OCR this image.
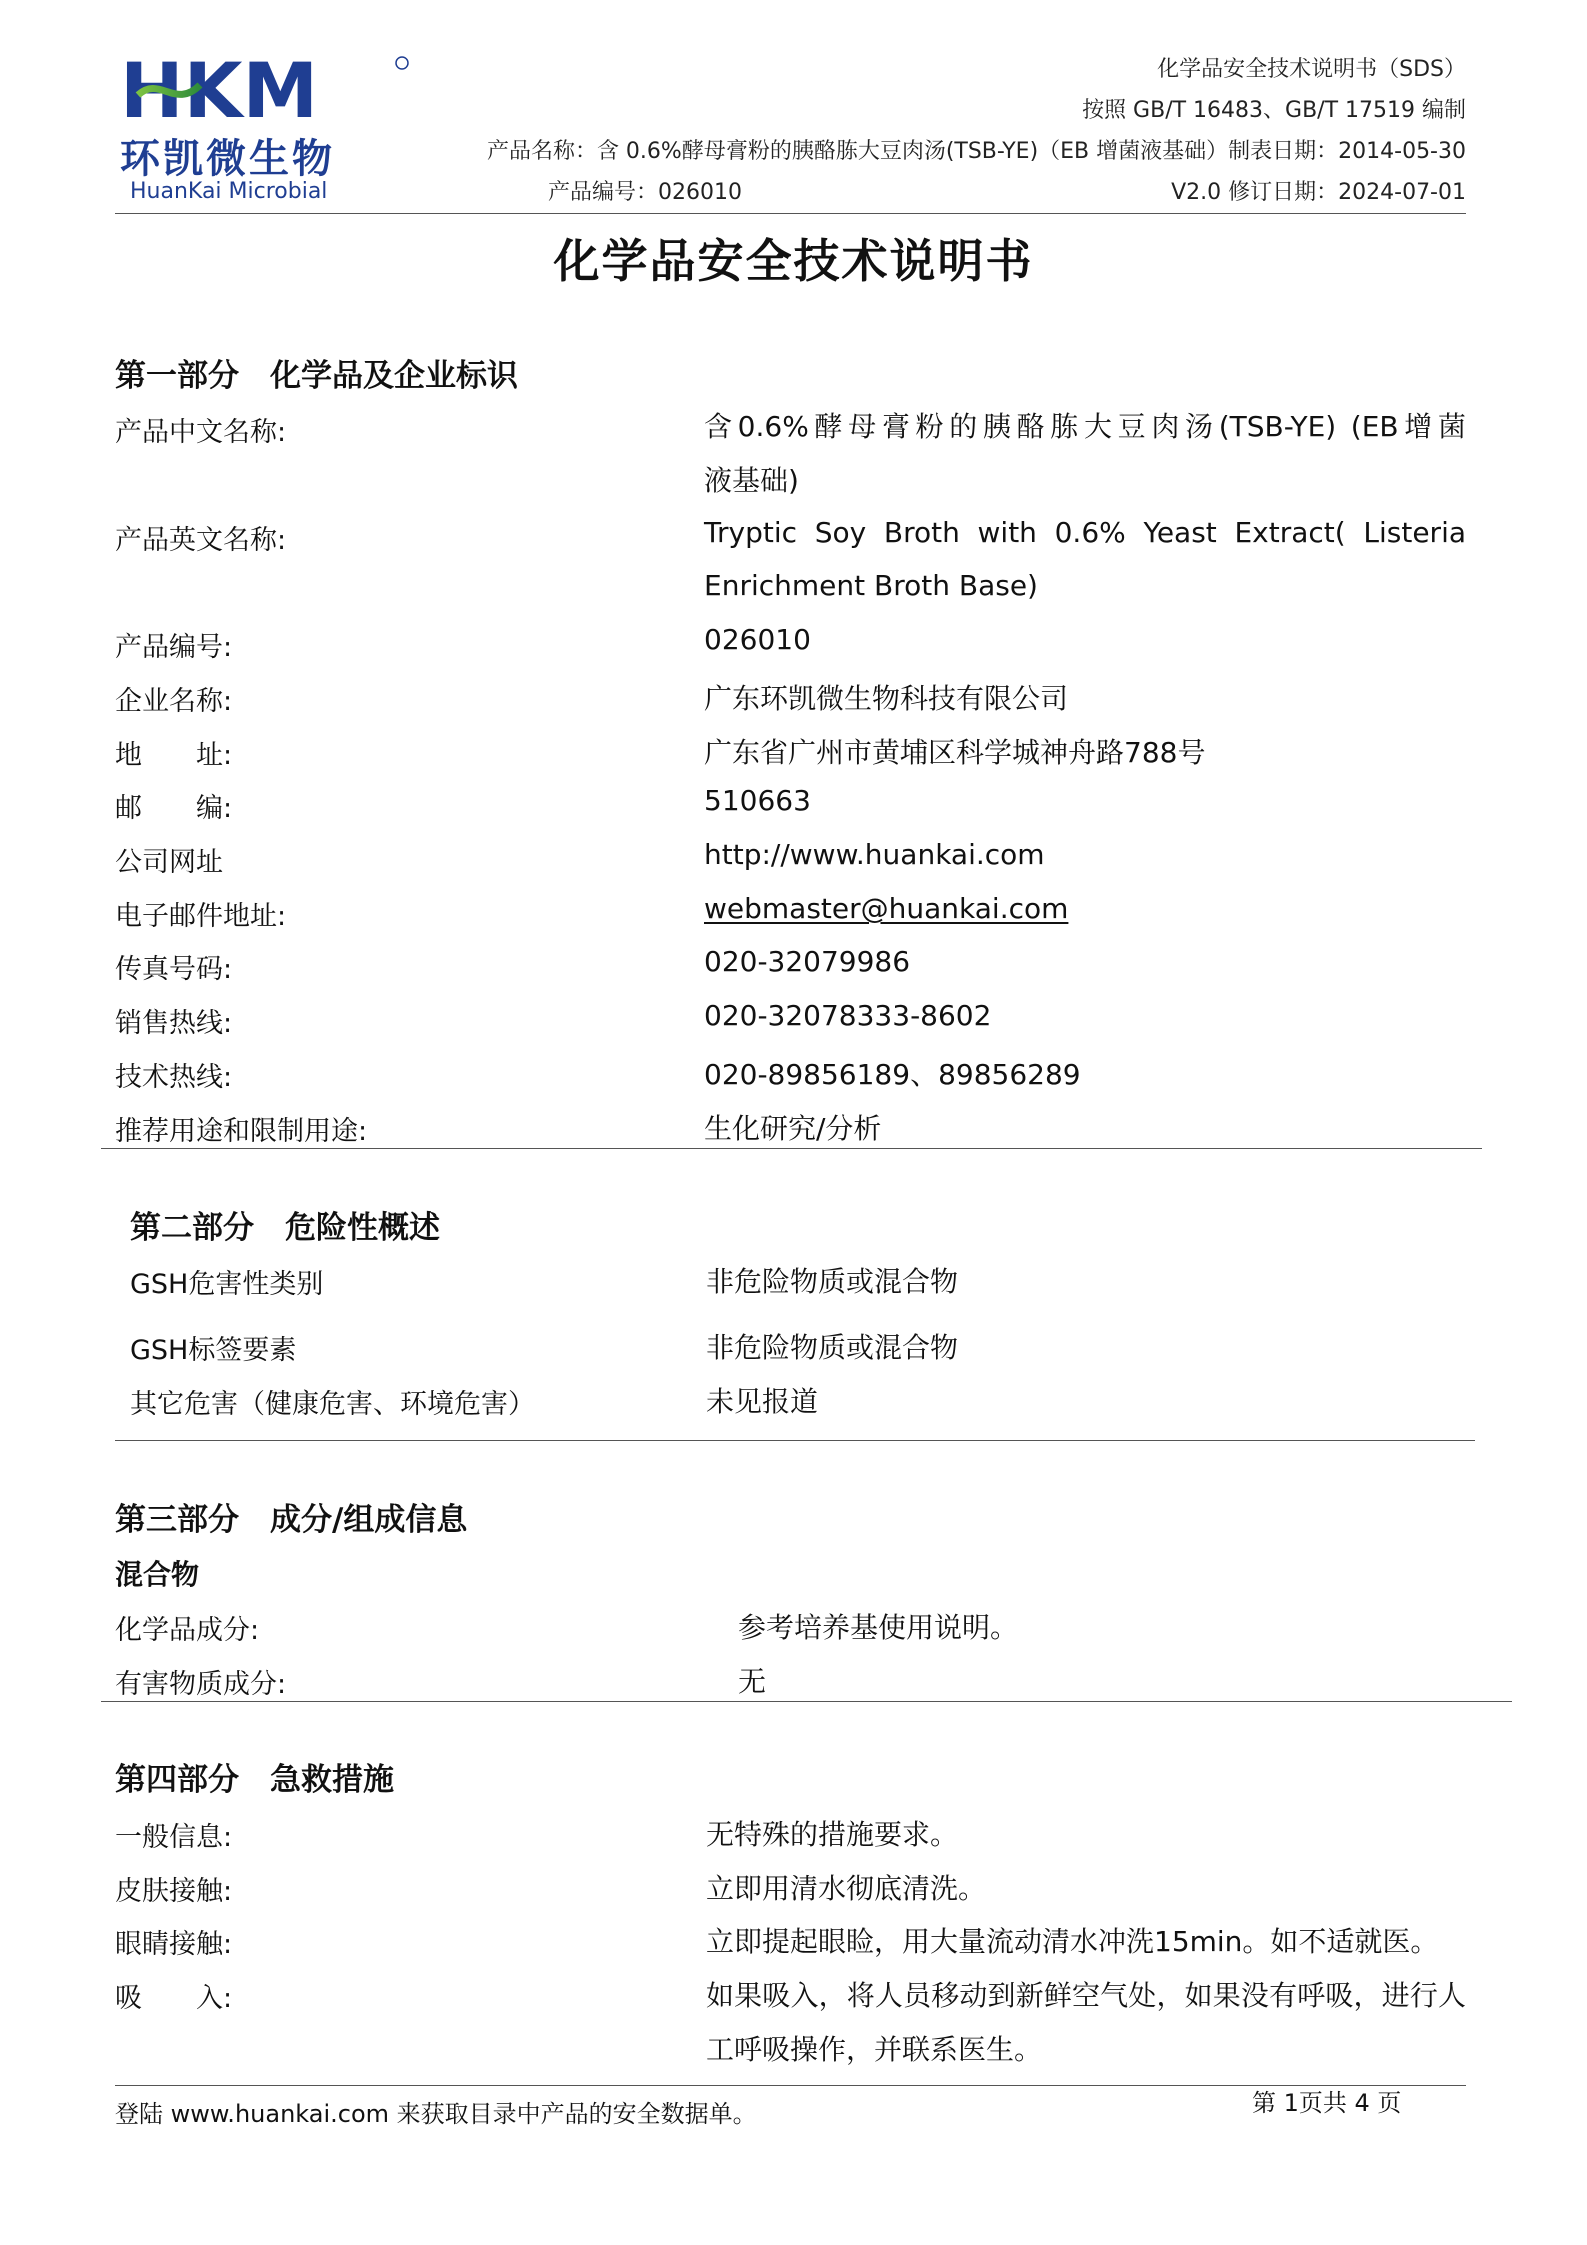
HKM
环凯微生物
HuanKai Microbial
化学品安全技术说明书（SDS）
按照 GB/T 16483、GB/T 17519 编制
产品名称：含 0.6%酵母膏粉的胰酪胨大豆肉汤(TSB-YE)（EB 增菌液基础）制表日期：2014-05-30
产品编号：026010	V2.0 修订日期：2024-07-01
化学品安全技术说明书
第一部分　化学品及企业标识
产品中文名称:	含0.6%酵母膏粉的胰酪胨大豆肉汤(TSB-YE) (EB增菌
液基础)
产品英文名称:	Tryptic Soy Broth with 0.6% Yeast Extract( Listeria
Enrichment Broth Base)
产品编号:	026010
企业名称:	广东环凯微生物科技有限公司
地　　址:	广东省广州市黄埔区科学城神舟路788号
邮　　编:	510663
公司网址	http://www.huankai.com
电子邮件地址:	webmaster@huankai.com
传真号码:	020-32079986
销售热线:	020-32078333-8602
技术热线:	020-89856189、89856289
推荐用途和限制用途:	生化研究/分析
第二部分　危险性概述
GSH危害性类别	非危险物质或混合物
GSH标签要素	非危险物质或混合物
其它危害（健康危害、环境危害）	未见报道
第三部分　成分/组成信息
混合物
化学品成分:	参考培养基使用说明。
有害物质成分:	无
第四部分　急救措施
一般信息:	无特殊的措施要求。
皮肤接触:	立即用清水彻底清洗。
眼睛接触:	立即提起眼睑，用大量流动清水冲洗15min。如不适就医。
吸　　入:	如果吸入，将人员移动到新鲜空气处，如果没有呼吸，进行人
工呼吸操作，并联系医生。
登陆 www.huankai.com 来获取目录中产品的安全数据单。	第 1页共 4 页
